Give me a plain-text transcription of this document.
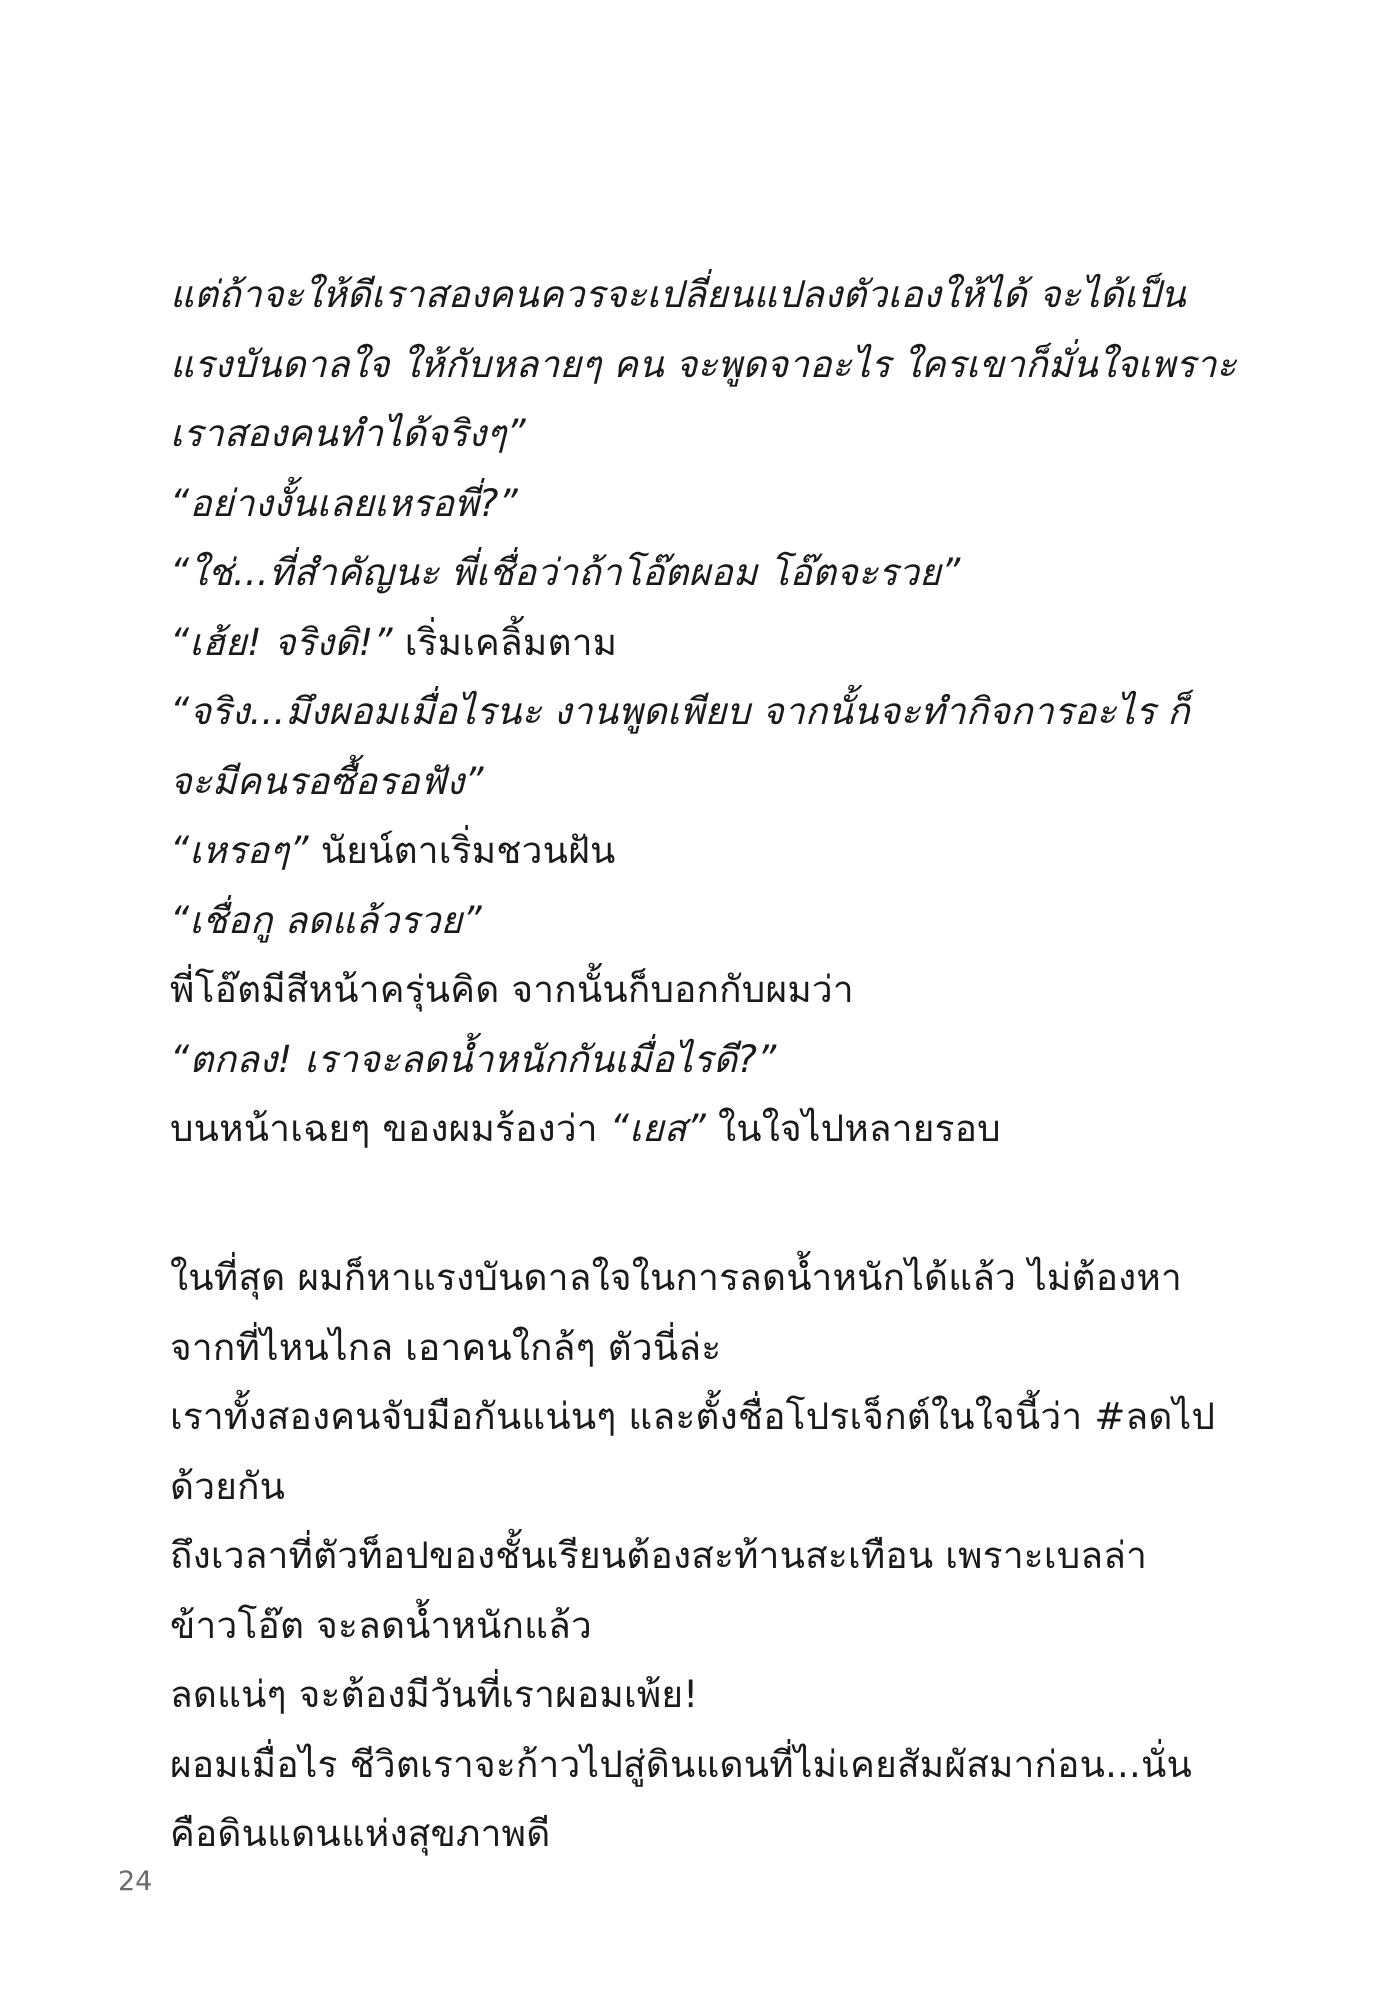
แต่ถ้าจะให้ดีเราสองคนควรจะเปลี่ยนแปลงตัวเองให้ได้ จะได้เป็น
แรงบันดาลใจ ให้กับหลายๆ คน จะพูดจาอะไร ใครเขาก็มั่นใจเพราะ
เราสองคนทำได้จริงๆ”
“อย่างงั้นเลยเหรอพี่?”
“ใช่...ที่สำคัญนะ พี่เชื่อว่าถ้าโอ๊ตผอม โอ๊ตจะรวย”
“เฮ้ย! จริงดิ!” เริ่มเคลิ้มตาม
“จริง...มึงผอมเมื่อไรนะ งานพูดเพียบ จากนั้นจะทำกิจการอะไร ก็
จะมีคนรอซื้อรอฟัง”
“เหรอๆ” นัยน์ตาเริ่มชวนฝัน
“เชื่อกู ลดแล้วรวย”
พี่โอ๊ตมีสีหน้าครุ่นคิด จากนั้นก็บอกกับผมว่า
“ตกลง! เราจะลดน้ำหนักกันเมื่อไรดี?”
บนหน้าเฉยๆ ของผมร้องว่า “เยส” ในใจไปหลายรอบ
ในที่สุด ผมก็หาแรงบันดาลใจในการลดน้ำหนักได้แล้ว ไม่ต้องหา
จากที่ไหนไกล เอาคนใกล้ๆ ตัวนี่ล่ะ
เราทั้งสองคนจับมือกันแน่นๆ และตั้งชื่อโปรเจ็กต์ในใจนี้ว่า #ลดไป
ด้วยกัน
ถึงเวลาที่ตัวท็อปของชั้นเรียนต้องสะท้านสะเทือน เพราะเบลล่า
ข้าวโอ๊ต จะลดน้ำหนักแล้ว
ลดแน่ๆ จะต้องมีวันที่เราผอมเพ้ย!
ผอมเมื่อไร ชีวิตเราจะก้าวไปสู่ดินแดนที่ไม่เคยสัมผัสมาก่อน...นั่น
คือดินแดนแห่งสุขภาพดี
24
